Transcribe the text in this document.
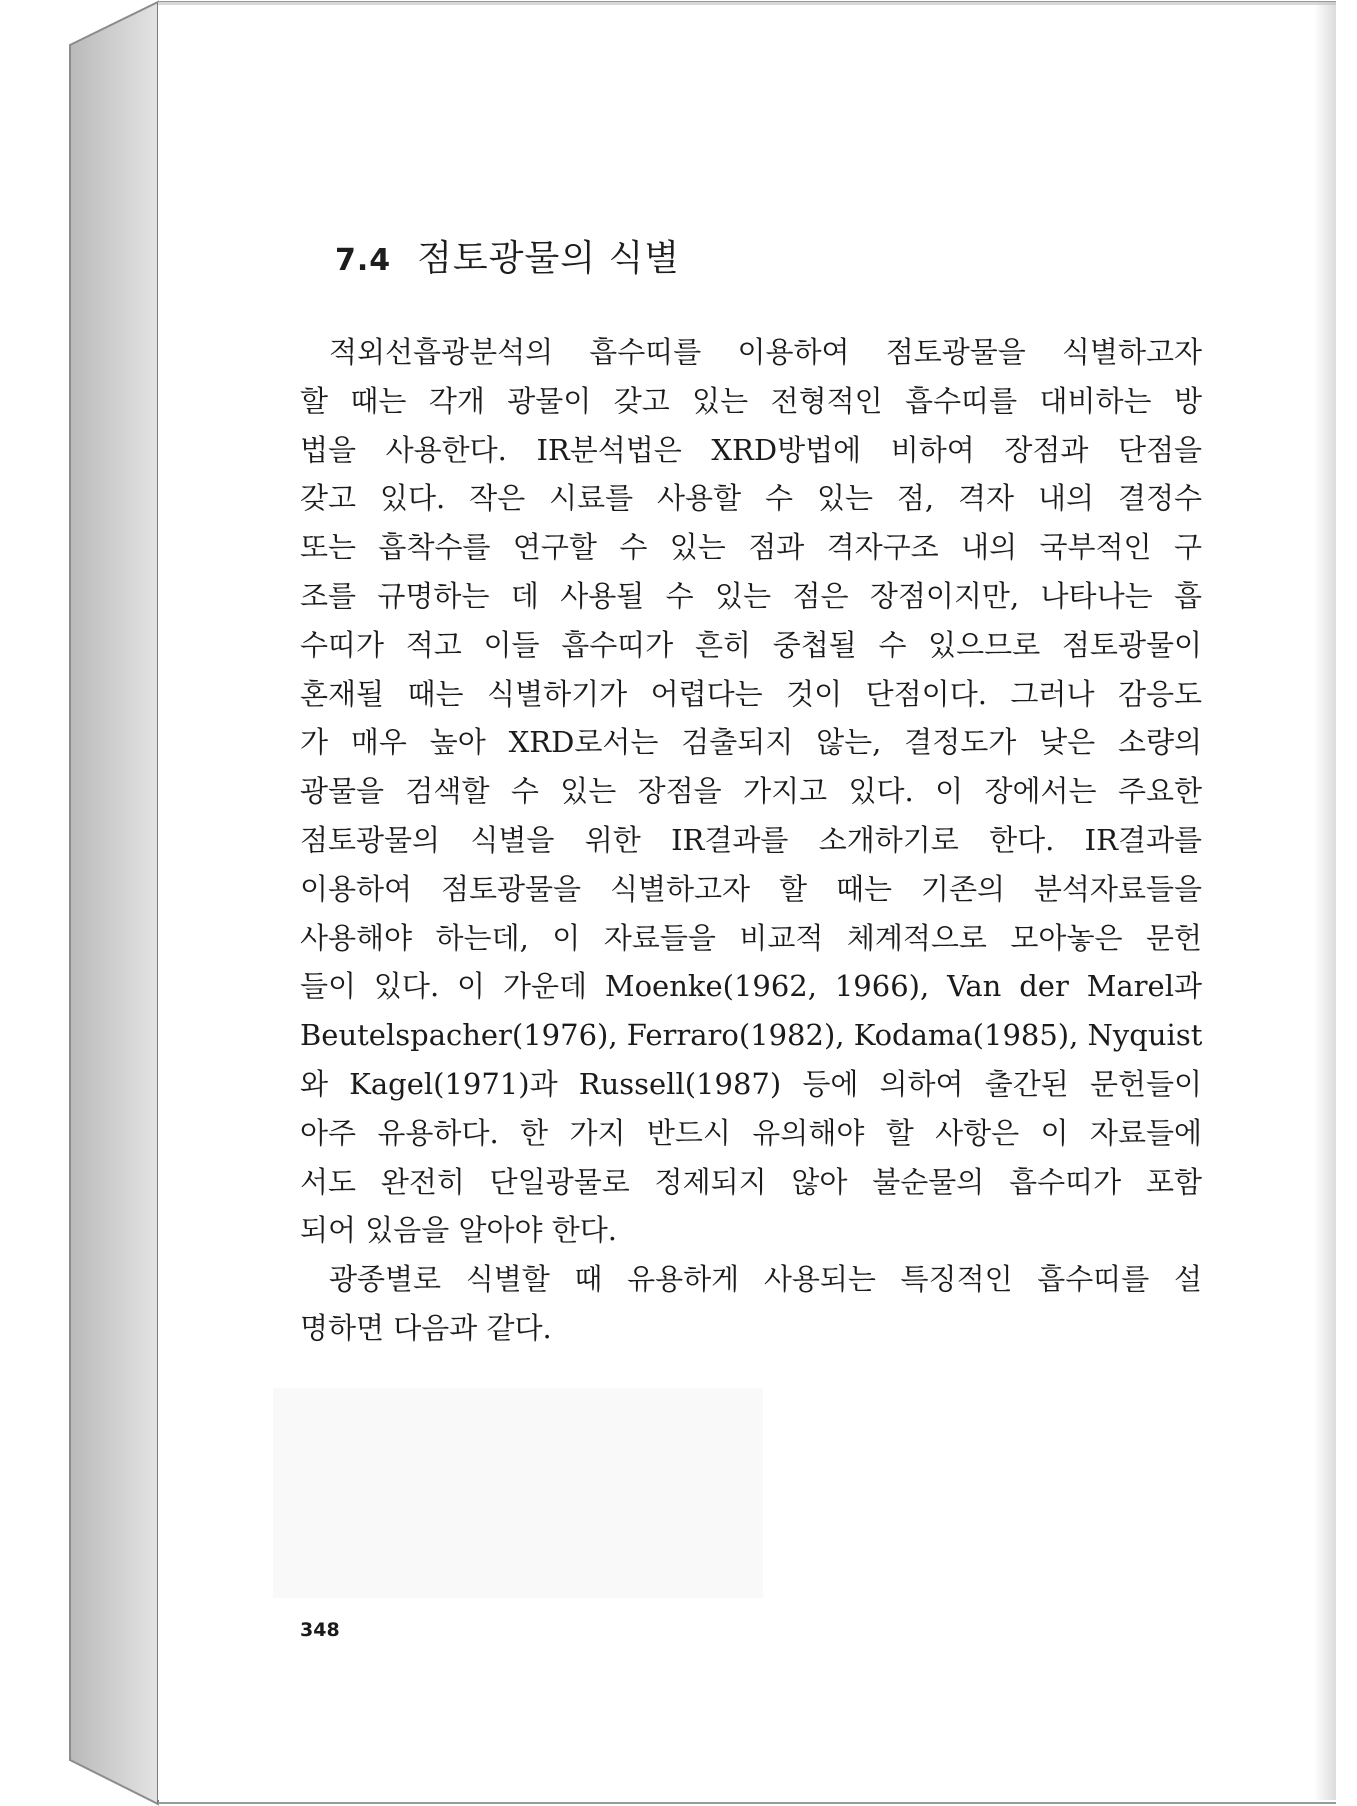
7.4 점토광물의 식별
적외선흡광분석의 흡수띠를 이용하여 점토광물을 식별하고자
할 때는 각개 광물이 갖고 있는 전형적인 흡수띠를 대비하는 방
법을 사용한다. IR분석법은 XRD방법에 비하여 장점과 단점을
갖고 있다. 작은 시료를 사용할 수 있는 점, 격자 내의 결정수
또는 흡착수를 연구할 수 있는 점과 격자구조 내의 국부적인 구
조를 규명하는 데 사용될 수 있는 점은 장점이지만, 나타나는 흡
수띠가 적고 이들 흡수띠가 흔히 중첩될 수 있으므로 점토광물이
혼재될 때는 식별하기가 어렵다는 것이 단점이다. 그러나 감응도
가 매우 높아 XRD로서는 검출되지 않는, 결정도가 낮은 소량의
광물을 검색할 수 있는 장점을 가지고 있다. 이 장에서는 주요한
점토광물의 식별을 위한 IR결과를 소개하기로 한다. IR결과를
이용하여 점토광물을 식별하고자 할 때는 기존의 분석자료들을
사용해야 하는데, 이 자료들을 비교적 체계적으로 모아놓은 문헌
들이 있다. 이 가운데 Moenke(1962, 1966), Van der Marel과
Beutelspacher(1976), Ferraro(1982), Kodama(1985), Nyquist
와 Kagel(1971)과 Russell(1987) 등에 의하여 출간된 문헌들이
아주 유용하다. 한 가지 반드시 유의해야 할 사항은 이 자료들에
서도 완전히 단일광물로 정제되지 않아 불순물의 흡수띠가 포함
되어 있음을 알아야 한다.
광종별로 식별할 때 유용하게 사용되는 특징적인 흡수띠를 설
명하면 다음과 같다.
348
